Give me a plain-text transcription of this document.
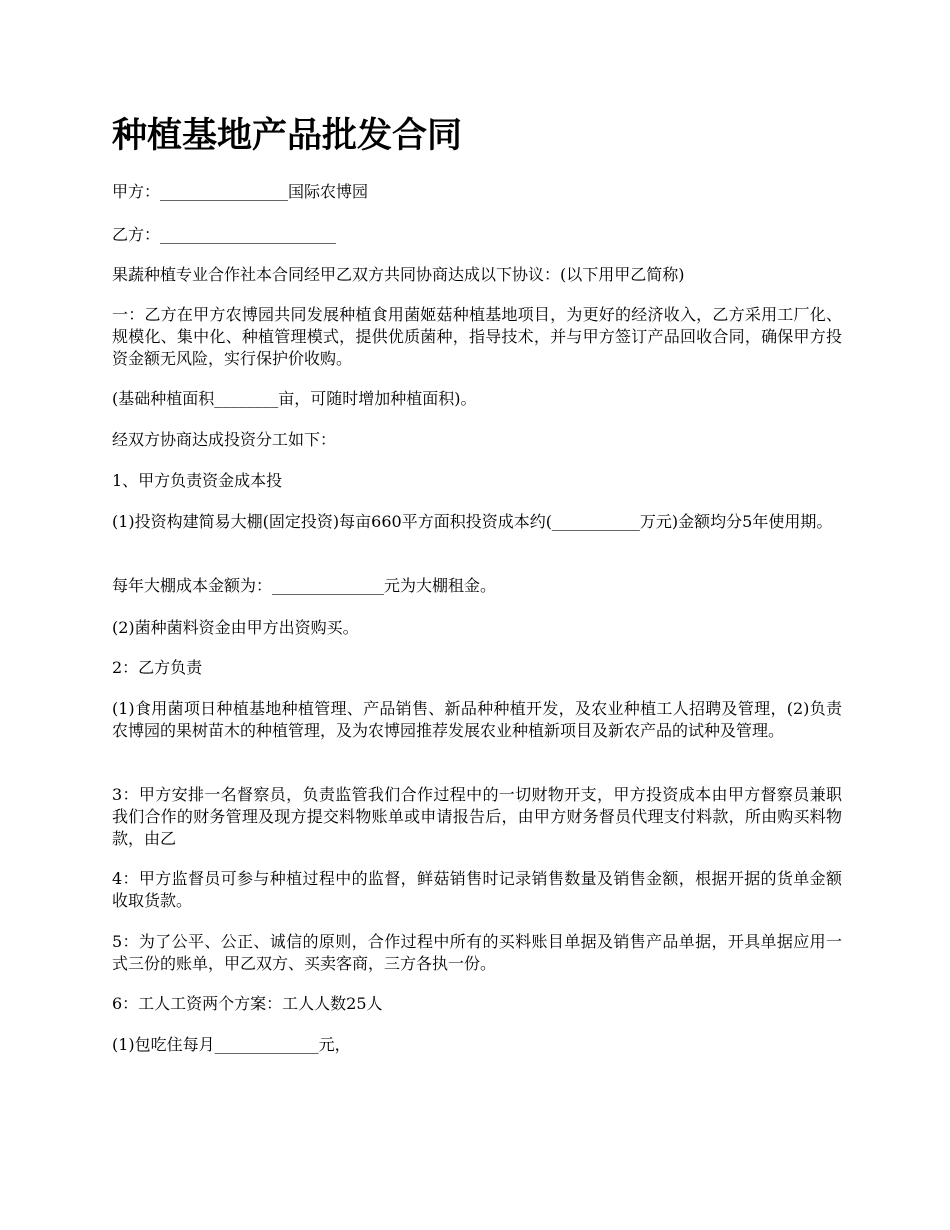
种植基地产品批发合同

甲方：________________国际农博园

乙方：______________________

果蔬种植专业合作社本合同经甲乙双方共同协商达成以下协议：(以下用甲乙简称)

一：乙方在甲方农博园共同发展种植食用菌姬菇种植基地项目，为更好的经济收入，乙方采用工厂化、规模化、集中化、种植管理模式，提供优质菌种，指导技术，并与甲方签订产品回收合同，确保甲方投资金额无风险，实行保护价收购。

(基础种植面积________亩，可随时增加种植面积)。

经双方协商达成投资分工如下：

1、甲方负责资金成本投

(1)投资构建简易大棚(固定投资)每亩660平方面积投资成本约(___________万元)金额均分5年使用期。

每年大棚成本金额为：______________元为大棚租金。

(2)菌种菌料资金由甲方出资购买。

2：乙方负责

(1)食用菌项日种植基地种植管理、产品销售、新品种种植开发，及农业种植工人招聘及管理，(2)负责农博园的果树苗木的种植管理，及为农博园推荐发展农业种植新项目及新农产品的试种及管理。

3：甲方安排一名督察员，负责监管我们合作过程中的一切财物开支，甲方投资成本由甲方督察员兼职我们合作的财务管理及现方提交料物账单或申请报告后，由甲方财务督员代理支付料款，所由购买料物款，由乙

4：甲方监督员可参与种植过程中的监督，鲜菇销售时记录销售数量及销售金额，根据开据的货单金额收取货款。

5：为了公平、公正、诚信的原则，合作过程中所有的买料账目单据及销售产品单据，开具单据应用一式三份的账单，甲乙双方、买卖客商，三方各执一份。

6：工人工资两个方案：工人人数25人

(1)包吃住每月_____________元，
